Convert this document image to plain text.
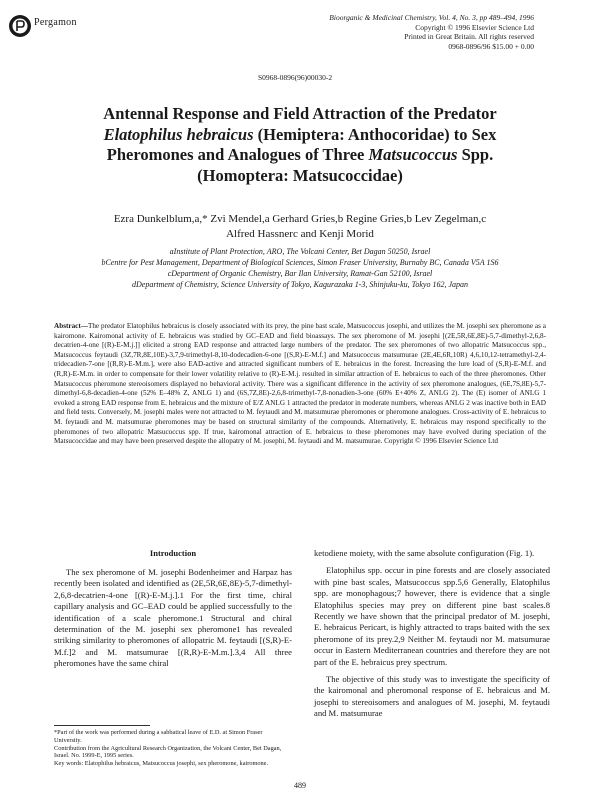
Pergamon	Bioorganic & Medicinal Chemistry, Vol. 4, No. 3, pp 489–494, 1996
Copyright © 1996 Elsevier Science Ltd
Printed in Great Britain. All rights reserved
0968-0896/96 $15.00 + 0.00
S0968-0896(96)00030-2
Antennal Response and Field Attraction of the Predator
Elatophilus hebraicus (Hemiptera: Anthocoridae) to Sex
Pheromones and Analogues of Three Matsucoccus Spp.
(Homoptera: Matsucoccidae)
Ezra Dunkelblum,a,* Zvi Mendel,a Gerhard Gries,b Regine Gries,b Lev Zegelman,c
Alfred Hassnerc and Kenji Morid
aInstitute of Plant Protection, ARO, The Volcani Center, Bet Dagan 50250, Israel
bCentre for Pest Management, Department of Biological Sciences, Simon Fraser University, Burnaby BC, Canada V5A 1S6
cDepartment of Organic Chemistry, Bar Ilan University, Ramat-Gan 52100, Israel
dDepartment of Chemistry, Science University of Tokyo, Kagurazaka 1-3, Shinjuku-ku, Tokyo 162, Japan
Abstract—The predator Elatophilus hebraicus is closely associated with its prey, the pine bast scale, Matsucoccus josephi, and utilizes the M. josephi sex pheromone as a kairomone. Kairomonal activity of E. hebraicus was studied by GC–EAD and field bioassays. The sex pheromone of M. josephi [(2E,5R,6E,8E)-5,7-dimethyl-2,6,8-decatrien-4-one [(R)-E-M.j.]] elicited a strong EAD response and attracted large numbers of the predator. The sex pheromones of two allopatric Matsucoccus spp., Matsucoccus feytaudi (3Z,7R,8E,10E)-3,7,9-trimethyl-8,10-dodecadien-6-one [(S,R)-E-M.f.] and Matsucoccus matsumurae (2E,4E,6R,10R) 4,6,10,12-tetramethyl-2,4-tridecadien-7-one [(R,R)-E-M.m.], were also EAD-active and attracted significant numbers of E. hebraicus in the forest. Increasing the lure load of (S,R)-E-M.f. and (R,R)-E-M.m. in order to compensate for their lower volatility relative to (R)-E-M.j. resulted in similar attraction of E. hebraicus to each of the three pheromones. Other Matsucoccus pheromone stereoisomers displayed no behavioral activity. There was a significant difference in the activity of sex pheromone analogues, (6E,7S,8E)-5,7-dimethyl-6,8-decadien-4-one (52% E–48% Z, ANLG 1) and (6S,7Z,8E)-2,6,8-trimethyl-7,8-nonadien-3-one (60% E+40% Z, ANLG 2). The (E) isomer of ANLG 1 evoked a strong EAD response from E. hebraicus and the mixture of E/Z ANLG 1 attracted the predator in moderate numbers, whereas ANLG 2 was inactive both in EAD and field tests. Conversely, M. josephi males were not attracted to M. feytaudi and M. matsumurae pheromones or pheromone analogues. Cross-activity of E. hebraicus to M. feytaudi and M. matsumurae pheromones may be based on structural similarity of the compounds. Alternatively, E. hebraicus may respond specifically to the pheromones of two allopatric Matsucoccus spp. If true, kairomonal attraction of E. hebraicus to these pheromones may have evolved during speciation of the Matsucoccidae and may have been preserved despite the allopatry of M. josephi, M. feytaudi and M. matsumurae. Copyright © 1996 Elsevier Science Ltd
Introduction

The sex pheromone of M. josephi Bodenheimer and Harpaz has recently been isolated and identified as (2E,5R,6E,8E)-5,7-dimethyl-2,6,8-decatrien-4-one [(R)-E-M.j.].1 For the first time, chiral capillary analysis and GC–EAD could be applied successfully to the identification of a scale pheromone.1 Structural and chiral determination of the M. josephi sex pheromone1 has revealed striking similarity to pheromones of allopatric M. feytaudi [(S,R)-E-M.f.]2 and M. matsumurae [(R,R)-E-M.m.].3,4 All three pheromones have the same chiral

ketodiene moiety, with the same absolute configuration (Fig. 1).

Elatophilus spp. occur in pine forests and are closely associated with pine bast scales, Matsucoccus spp.5,6 Generally, Elatophilus spp. are monophagous;7 however, there is evidence that a single Elatophilus species may prey on different pine bast scales.8 Recently we have shown that the principal predator of M. josephi, E. hebraicus Pericart, is highly attracted to traps baited with the sex pheromone of its prey.2,9 Neither M. feytaudi nor M. matsumurae occur in Eastern Mediterranean countries and therefore they are not part of the E. hebraicus prey spectrum.

The objective of this study was to investigate the specificity of the kairomonal and pheromonal response of E. hebraicus and M. josephi to stereoisomers and analogues of M. josephi, M. feytaudi and M. matsumurae

*Part of the work was performed during a sabbatical leave of E.D. at Simon Fraser University.
Contribution from the Agricultural Research Organization, the Volcani Center, Bet Dagan, Israel. No. 1999-E, 1995 series.
Key words: Elatophilus hebraicus, Matsucoccus josephi, sex pheromone, kairomone.
489
